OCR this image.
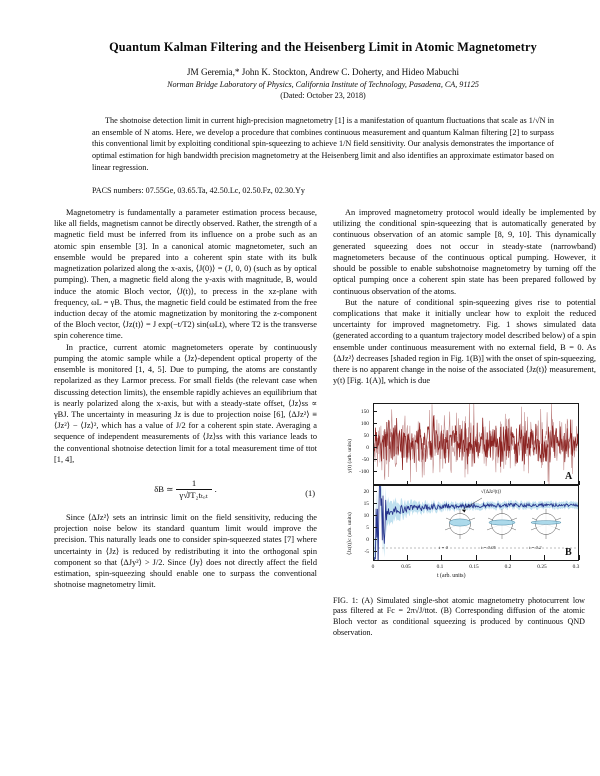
Quantum Kalman Filtering and the Heisenberg Limit in Atomic Magnetometry
JM Geremia,* John K. Stockton, Andrew C. Doherty, and Hideo Mabuchi
Norman Bridge Laboratory of Physics, California Institute of Technology, Pasadena, CA, 91125
(Dated: October 23, 2018)
The shotnoise detection limit in current high-precision magnetometry [1] is a manifestation of quantum fluctuations that scale as 1/√N in an ensemble of N atoms. Here, we develop a procedure that combines continuous measurement and quantum Kalman filtering [2] to surpass this conventional limit by exploiting conditional spin-squeezing to achieve 1/N field sensitivity. Our analysis demonstrates the importance of optimal estimation for high bandwidth precision magnetometry at the Heisenberg limit and also identifies an approximate estimator based on linear regression.
PACS numbers: 07.55Ge, 03.65.Ta, 42.50.Lc, 02.50.Fz, 02.30.Yy

Magnetometry is fundamentally a parameter estimation process because, like all fields, magnetism cannot be directly observed. Rather, the strength of a magnetic field must be inferred from its influence on a probe such as an atomic spin ensemble [3]. In a canonical atomic magnetometer, such an ensemble would be prepared into a coherent spin state with its bulk magnetization polarized along the x-axis, ⟨J(0)⟩ = (J, 0, 0) (such as by optical pumping). Then, a magnetic field along the y-axis with magnitude, B, would induce the atomic Bloch vector, ⟨J(t)⟩, to precess in the xz-plane with frequency, ωL = γB. Thus, the magnetic field could be estimated from the free induction decay of the atomic magnetization by monitoring the z-component of the Bloch vector, ⟨Jz(t)⟩ = J exp(−t/T2) sin(ωLt), where T2 is the transverse spin coherence time.

In practice, current atomic magnetometers operate by continuously pumping the atomic sample while a ⟨Jz⟩-dependent optical property of the ensemble is monitored [1, 4, 5]. Due to pumping, the atoms are constantly repolarized as they Larmor precess. For small fields (the relevant case when discussing detection limits), the ensemble rapidly achieves an equilibrium that is nearly polarized along the x-axis, but with a steady-state offset, ⟨Jz⟩ss ∝ γBJ. The uncertainty in measuring Jz is due to projection noise [6], ⟨ΔJz²⟩ ≡ ⟨Jz²⟩ − ⟨Jz⟩², which has a value of J/2 for a coherent spin state. Averaging a sequence of independent measurements of ⟨Jz⟩ss with this variance leads to the conventional shotnoise detection limit for a total measurement time of ttot [1, 4],

δB ≃ $\frac{1}{\text{γ√JT₂tₜₒₜ}}$ .	(1)

Since ⟨ΔJz²⟩ sets an intrinsic limit on the field sensitivity, reducing the projection noise below its standard quantum limit would improve the precision. This naturally leads one to consider spin-squeezed states [7] where uncertainty in ⟨Jz⟩ is reduced by redistributing it into the orthogonal spin component so that ⟨ΔJy²⟩ > J/2. Since ⟨Jy⟩ does not directly affect the field estimation, spin-squeezing should enable one to surpass the conventional shotnoise magnetometry limit.

An improved magnetometry protocol would ideally be implemented by utilizing the conditional spin-squeezing that is automatically generated by continuous observation of an atomic sample [8, 9, 10]. This dynamically generated squeezing does not occur in steady-state (narrowband) magnetometers because of the continuous optical pumping. However, it should be possible to enable subshotnoise magnetometry by turning off the optical pumping once a coherent spin state has been prepared followed by continuous observation of the atoms.

But the nature of conditional spin-squeezing gives rise to potential complications that make it initially unclear how to exploit the reduced uncertainty for improved magnetometry. Fig. 1 shows simulated data (generated according to a quantum trajectory model described below) of a spin ensemble under continuous measurement with no external field, B = 0. As ⟨ΔJz²⟩ decreases [shaded region in Fig. 1(B)] with the onset of spin-squeezing, there is no apparent change in the noise of the associated ⟨Jz(t)⟩ measurement, y(t) [Fig. 1(A)], which is due

A
150
100
50
0
-50
-100
y(t) (arb. units)
B
√⟨ΔJz²(t)⟩
t = 0	t = 0.05	t = 0.2
20
15
10
5
0
-5
⟨Jz(t)⟩c (arb. units)
0	0.05	0.1	0.15	0.2	0.25	0.3
t (arb. units)
FIG. 1: (A) Simulated single-shot atomic magnetometry photocurrent low pass filtered at Fc = 2π√J/ttot. (B) Corresponding diffusion of the atomic Bloch vector as conditional squeezing is produced by continuous QND observation.
